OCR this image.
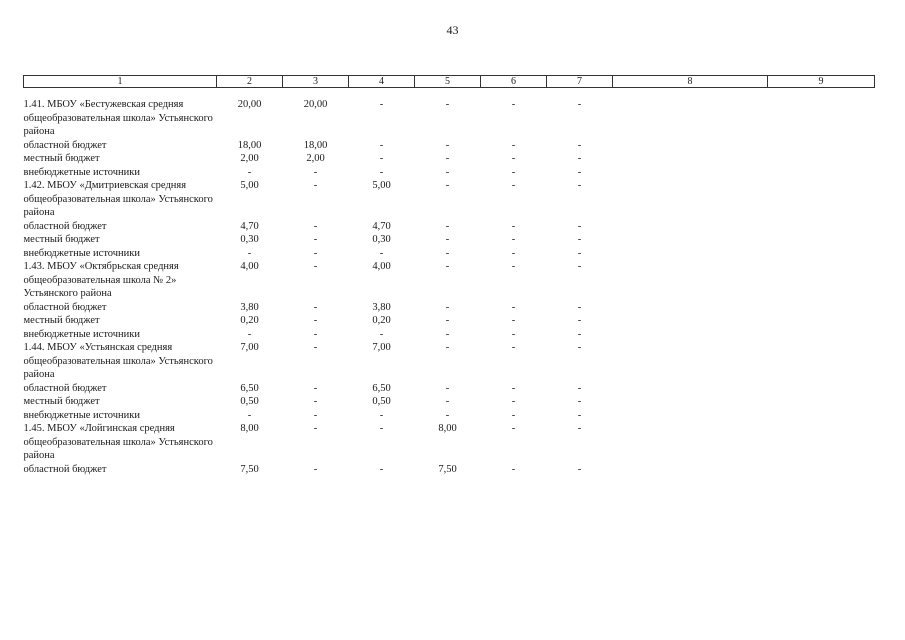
43
1	2	3	4	5	6	7	8	9
1.41. МБОУ «Бестужевская средняя общеобразовательная школа» Устьянского района	20,00	20,00	-	-	-	-		
областной бюджет	18,00	18,00	-	-	-	-		
местный бюджет	2,00	2,00	-	-	-	-		
внебюджетные источники	-	-	-	-	-	-		
1.42. МБОУ «Дмитриевская средняя общеобразовательная школа» Устьянского района	5,00	-	5,00	-	-	-		
областной бюджет	4,70	-	4,70	-	-	-		
местный бюджет	0,30	-	0,30	-	-	-		
внебюджетные источники	-	-	-	-	-	-		
1.43. МБОУ «Октябрьская средняя общеобразовательная школа № 2» Устьянского района	4,00	-	4,00	-	-	-		
областной бюджет	3,80	-	3,80	-	-	-		
местный бюджет	0,20	-	0,20	-	-	-		
внебюджетные источники	-	-	-	-	-	-		
1.44. МБОУ «Устьянская средняя общеобразовательная школа» Устьянского района	7,00	-	7,00	-	-	-		
областной бюджет	6,50	-	6,50	-	-	-		
местный бюджет	0,50	-	0,50	-	-	-		
внебюджетные источники	-	-	-	-	-	-		
1.45. МБОУ «Лойгинская средняя общеобразовательная школа» Устьянского района	8,00	-	-	8,00	-	-		
областной бюджет	7,50	-	-	7,50	-	-		
